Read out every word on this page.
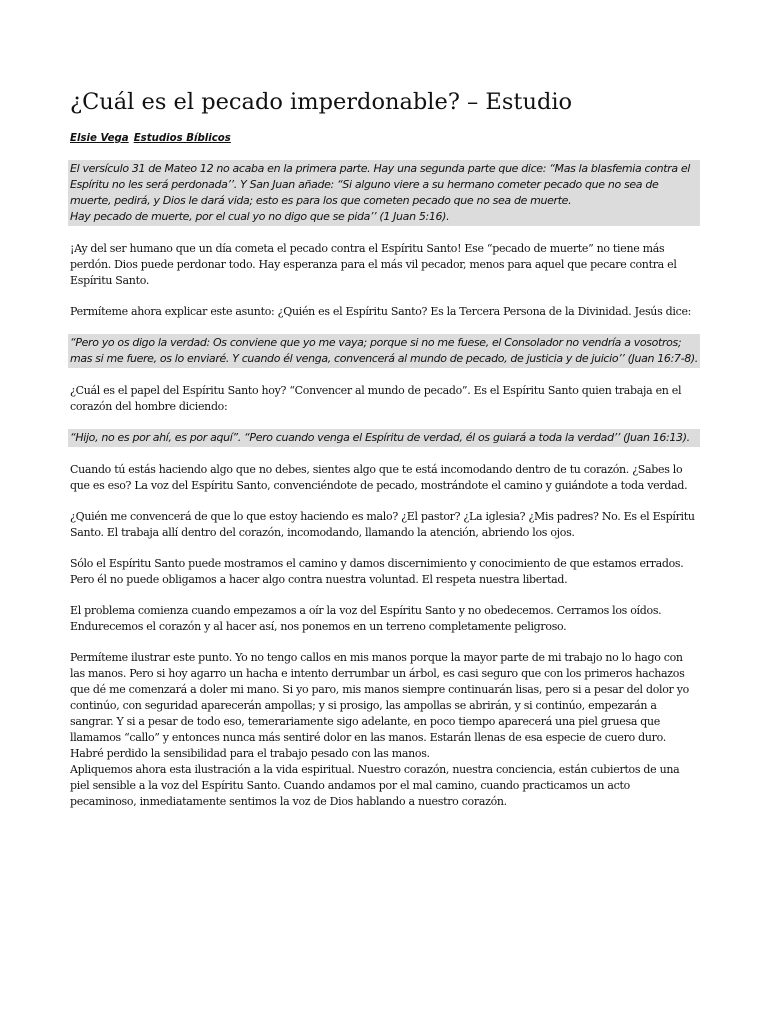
¿Cuál es el pecado imperdonable? – Estudio
Elsie Vega Estudios Bíblicos

El versículo 31 de Mateo 12 no acaba en la primera parte. Hay una segunda parte que dice: “Mas la blasfemia contra el Espíritu no les será perdonada’’. Y San Juan añade: “Si alguno viere a su hermano cometer pecado que no sea de muerte, pedirá, y Dios le dará vida; esto es para los que cometen pecado que no sea de muerte.

Hay pecado de muerte, por el cual yo no digo que se pida’’ (1 Juan 5:16).

¡Ay del ser humano que un día cometa el pecado contra el Espíritu Santo! Ese “pecado de muerte” no tiene más perdón. Dios puede perdonar todo. Hay esperanza para el más vil pecador, menos para aquel que pecare contra el Espíritu Santo.

Permíteme ahora explicar este asunto: ¿Quién es el Espíritu Santo? Es la Tercera Persona de la Divinidad. Jesús dice:

“Pero yo os digo la verdad: Os conviene que yo me vaya; porque si no me fuese, el Consolador no vendría a vosotros; mas si me fuere, os lo enviaré. Y cuando él venga, convencerá al mundo de pecado, de justicia y de juicio’’ (Juan 16:7-8).

¿Cuál es el papel del Espíritu Santo hoy? “Convencer al mundo de pecado”. Es el Espíritu Santo quien trabaja en el corazón del hombre diciendo:

“Hijo, no es por ahí, es por aquí”. “Pero cuando venga el Espíritu de verdad, él os guiará a toda la verdad’’ (Juan 16:13).

Cuando tú estás haciendo algo que no debes, sientes algo que te está incomodando dentro de tu corazón. ¿Sabes lo que es eso? La voz del Espíritu Santo, convenciéndote de pecado, mostrándote el camino y guiándote a toda verdad.

¿Quién me convencerá de que lo que estoy haciendo es malo? ¿El pastor? ¿La iglesia? ¿Mis padres? No. Es el Espíritu Santo. El trabaja allí dentro del corazón, incomodando, llamando la atención, abriendo los ojos.

Sólo el Espíritu Santo puede mostramos el camino y damos discernimiento y conocimiento de que estamos errados. Pero él no puede obligamos a hacer algo contra nuestra voluntad. El respeta nuestra libertad.

El problema comienza cuando empezamos a oír la voz del Espíritu Santo y no obedecemos. Cerramos los oídos. Endurecemos el corazón y al hacer así, nos ponemos en un terreno completamente peligroso.

Permíteme ilustrar este punto. Yo no tengo callos en mis manos porque la mayor parte de mi trabajo no lo hago con las manos. Pero si hoy agarro un hacha e intento derrumbar un árbol, es casi seguro que con los primeros hachazos que dé me comenzará a doler mi mano. Si yo paro, mis manos siempre continuarán lisas, pero si a pesar del dolor yo continúo, con seguridad aparecerán ampollas; y si prosigo, las ampollas se abrirán, y si continúo, empezarán a sangrar. Y si a pesar de todo eso, temerariamente sigo adelante, en poco tiempo aparecerá una piel gruesa que llamamos “callo” y entonces nunca más sentiré dolor en las manos. Estarán llenas de esa especie de cuero duro. Habré perdido la sensibilidad para el trabajo pesado con las manos.

Apliquemos ahora esta ilustración a la vida espiritual. Nuestro corazón, nuestra conciencia, están cubiertos de una piel sensible a la voz del Espíritu Santo. Cuando andamos por el mal camino, cuando practicamos un acto pecaminoso, inmediatamente sentimos la voz de Dios hablando a nuestro corazón.
